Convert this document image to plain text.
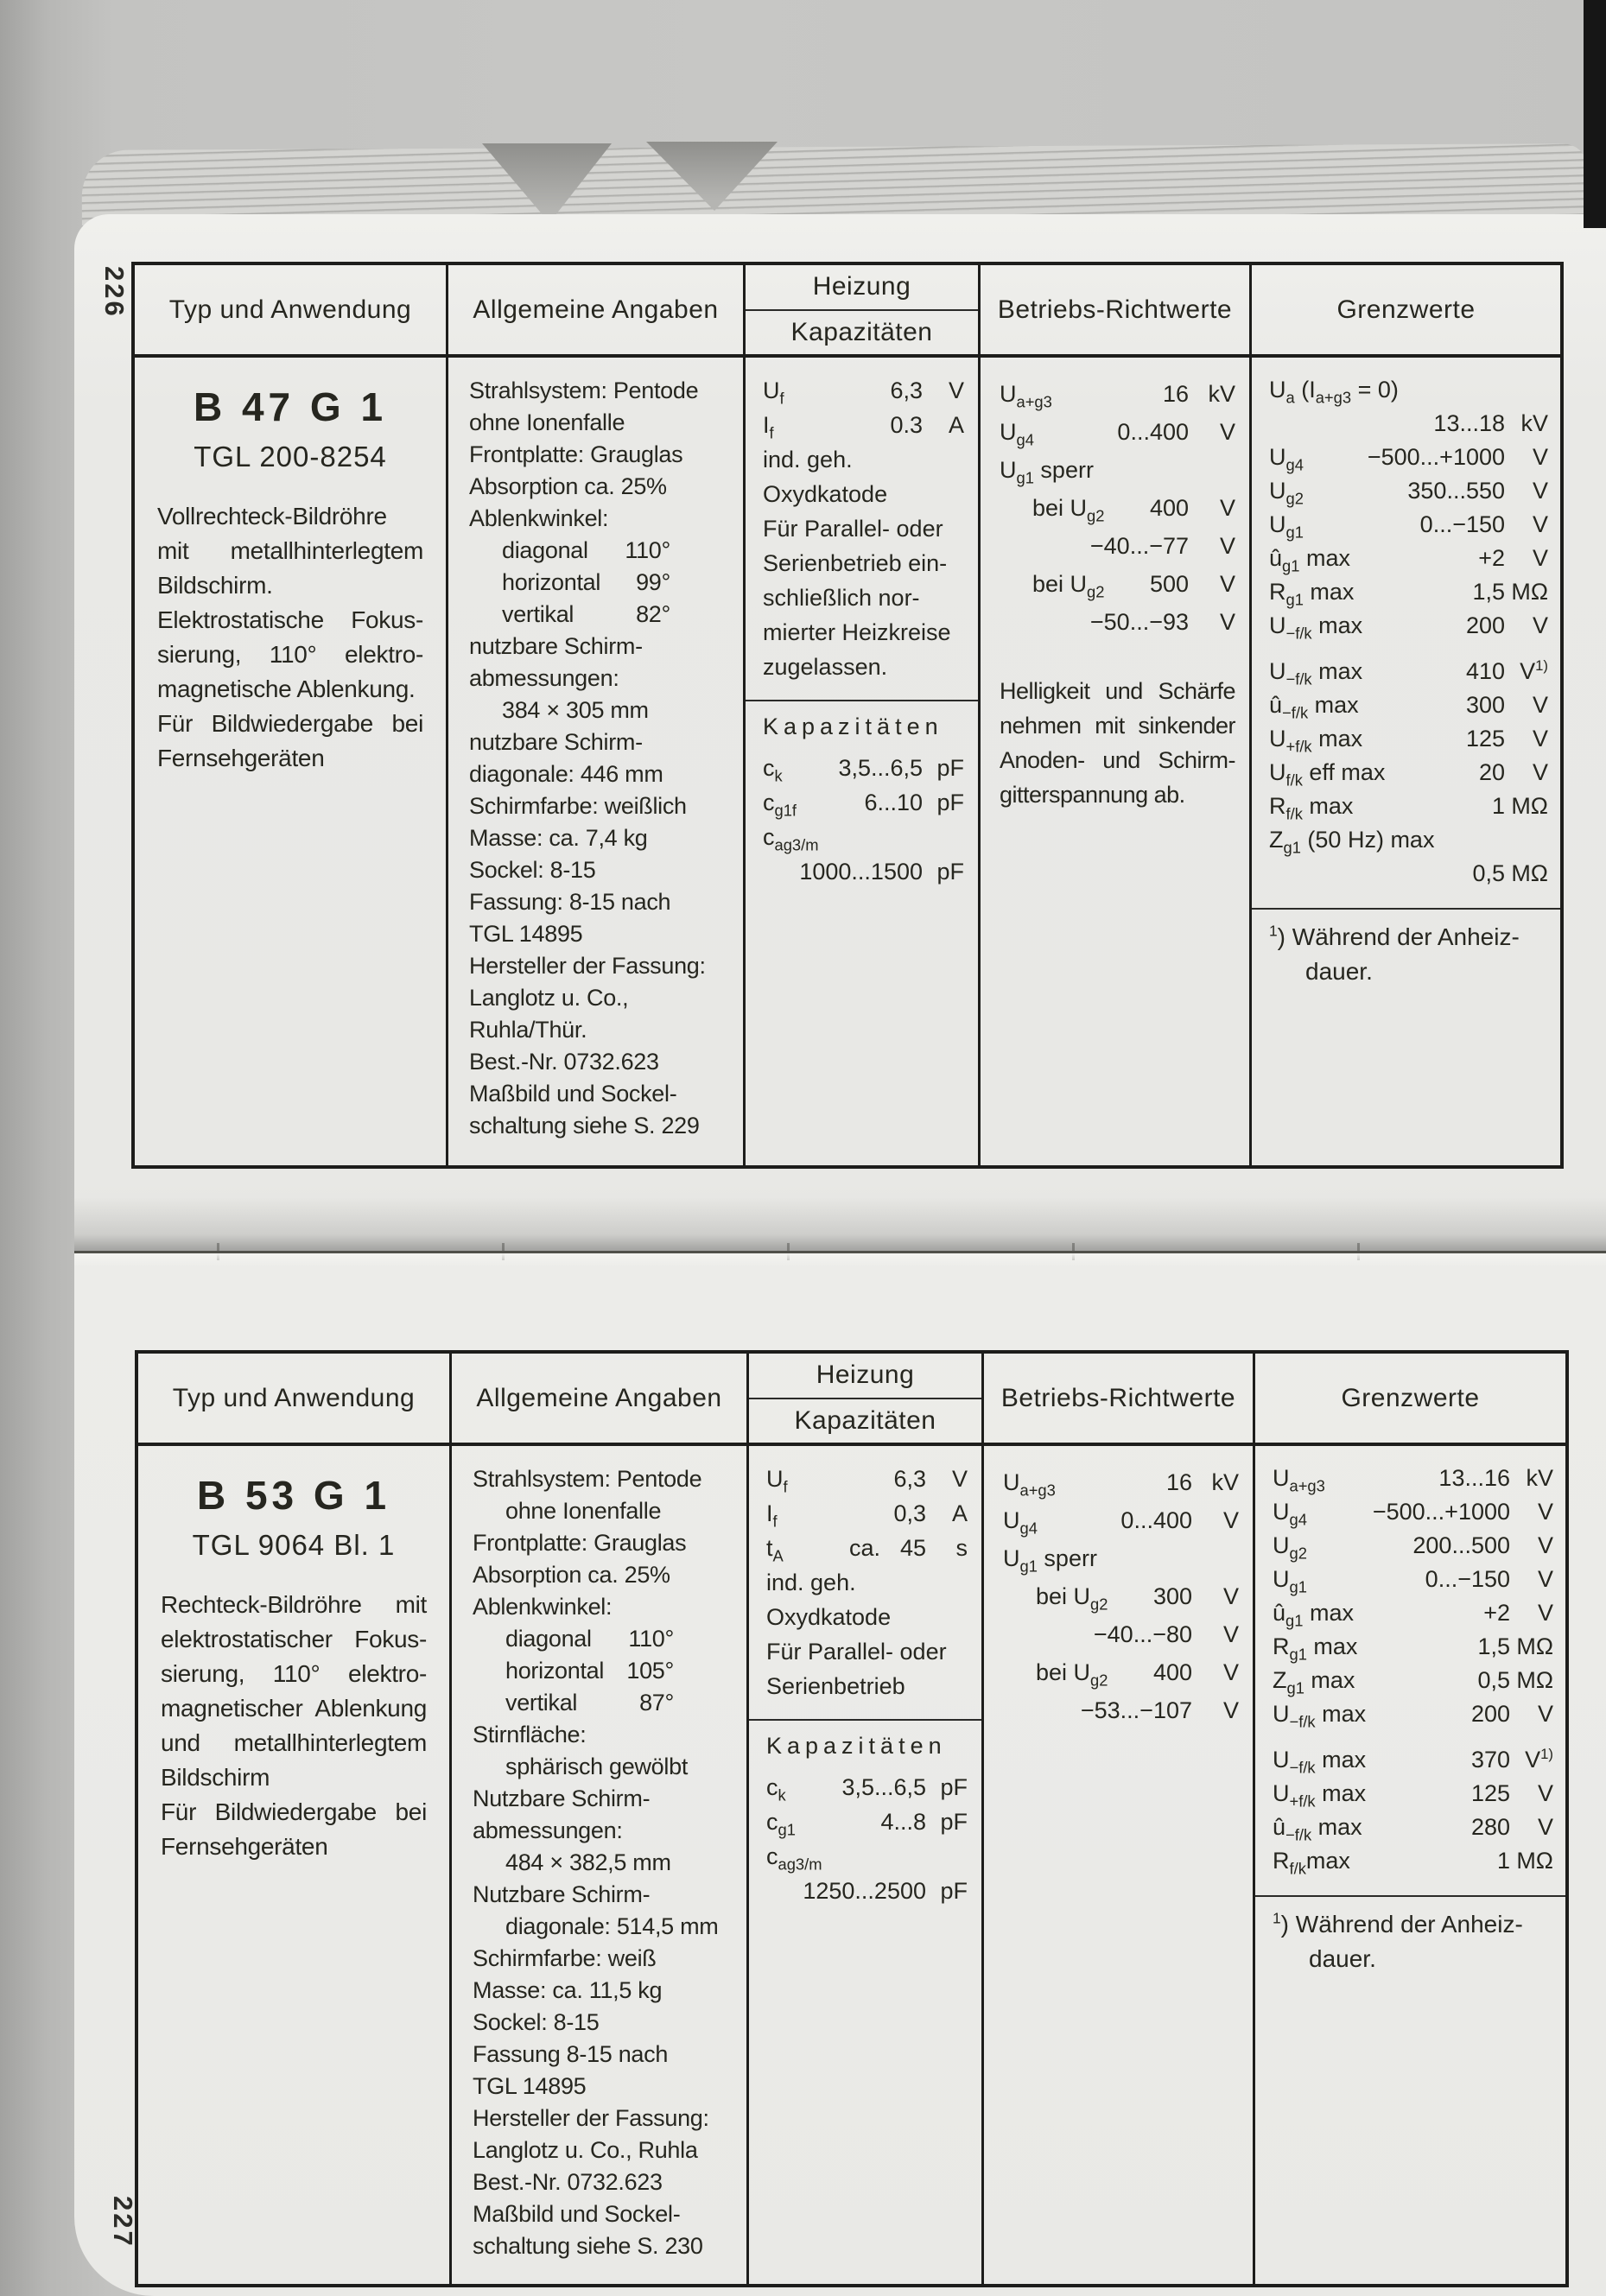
226
227
Typ und Anwendung	Allgemeine Angaben
Heizung
Kapazitäten
Betriebs-Richtwerte	Grenzwerte
B 47 G 1
TGL 200-8254
Vollrechteck-Bildröhre
mit metallhinterlegtem
Bildschirm.
Elektrostatische Fokus-
sierung, 110° elektro-
magnetische Ablenkung.
Für Bildwiedergabe bei
Fernsehgeräten
Strahlsystem: Pentode
ohne Ionenfalle
Frontplatte: Grauglas
Absorption ca. 25%
Ablenkwinkel:
diagonal	110°
horizontal	99°
vertikal	82°
nutzbare Schirm-
abmessungen:
384 × 305 mm
nutzbare Schirm-
diagonale: 446 mm
Schirmfarbe: weißlich
Masse: ca. 7,4 kg
Sockel: 8-15
Fassung: 8-15 nach
TGL 14895
Hersteller der Fassung:
Langlotz u. Co.,
Ruhla/Thür.
Best.-Nr. 0732.623
Maßbild und Sockel-
schaltung siehe S. 229
$U_f$	6,3	V
$I_f$	0.3	A
ind. geh.
Oxydkatode
Für Parallel- oder
Serienbetrieb ein-
schließlich nor-
mierter Heizkreise
zugelassen.
Kapazitäten
$c_k$	3,5...6,5 pF
$c_{g1f}$	6...10 pF
$c_{ag3/m}$
1000...1500 pF
$U_{a+g3}$	16 kV
$U_{g4}$	0...400	V
$U_{g1}$ sperr
bei $U_{g2}$	400	V
−40...−77	V
bei $U_{g2}$	500	V
−50...−93	V
Helligkeit und Schärfe
nehmen mit sinkender
Anoden- und Schirm-
gitterspannung ab.
$U_a$ $(I_{a+g3} = 0)$
13...18 kV
$U_{g4}$	−500...+1000	V
$U_{g2}$	350...550	V
$U_{g1}$	0...−150	V
$û_{g1}$ max	+2	V
$R_{g1}$ max	1,5 MΩ
$U_{-f/k}$ max	200	V
$U_{-f/k}$ max	410 $V^{1)}$
$û_{-f/k}$ max	300	V
$U_{+f/k}$ max	125	V
$U_{f/k}$ eff max	20	V
$R_{f/k}$ max	1 MΩ
$Z_{g1}$ (50 Hz) max
0,5 MΩ
$^1$) Während der Anheiz-
dauer.
Typ und Anwendung	Allgemeine Angaben
Heizung
Kapazitäten
Betriebs-Richtwerte	Grenzwerte
B 53 G 1
TGL 9064 Bl. 1
Rechteck-Bildröhre mit
elektrostatischer Fokus-
sierung, 110° elektro-
magnetischer Ablenkung
und metallhinterlegtem
Bildschirm
Für Bildwiedergabe bei
Fernsehgeräten
Strahlsystem: Pentode
ohne Ionenfalle
Frontplatte: Grauglas
Absorption ca. 25%
Ablenkwinkel:
diagonal	110°
horizontal 105°
vertikal	87°
Stirnfläche:
sphärisch gewölbt
Nutzbare Schirm-
abmessungen:
484 × 382,5 mm
Nutzbare Schirm-
diagonale: 514,5 mm
Schirmfarbe: weiß
Masse: ca. 11,5 kg
Sockel: 8-15
Fassung 8-15 nach
TGL 14895
Hersteller der Fassung:
Langlotz u. Co., Ruhla
Best.-Nr. 0732.623
Maßbild und Sockel-
schaltung siehe S. 230
$U_f$	6,3	V
$I_f$	0,3	A
$t_A$	ca. 45	s
ind. geh.
Oxydkatode
Für Parallel- oder
Serienbetrieb
Kapazitäten
$c_k$	3,5...6,5 pF
$c_{g1}$	4...8 pF
$c_{ag3/m}$
1250...2500 pF
$U_{a+g3}$	16 kV
$U_{g4}$	0...400	V
$U_{g1}$ sperr
bei $U_{g2}$	300	V
−40...−80	V
bei $U_{g2}$	400	V
−53...−107	V
$U_{a+g3}$	13...16 kV
$U_{g4}$	−500...+1000	V
$U_{g2}$	200...500	V
$U_{g1}$	0...−150	V
$û_{g1}$ max	+2	V
$R_{g1}$ max	1,5 MΩ
$Z_{g1}$ max	0,5 MΩ
$U_{-f/k}$ max	200	V
$U_{-f/k}$ max	370 $V^{1)}$
$U_{+f/k}$ max	125	V
$û_{-f/k}$ max	280	V
$R_{f/k}\max$	1 MΩ
$^1$) Während der Anheiz-
dauer.
